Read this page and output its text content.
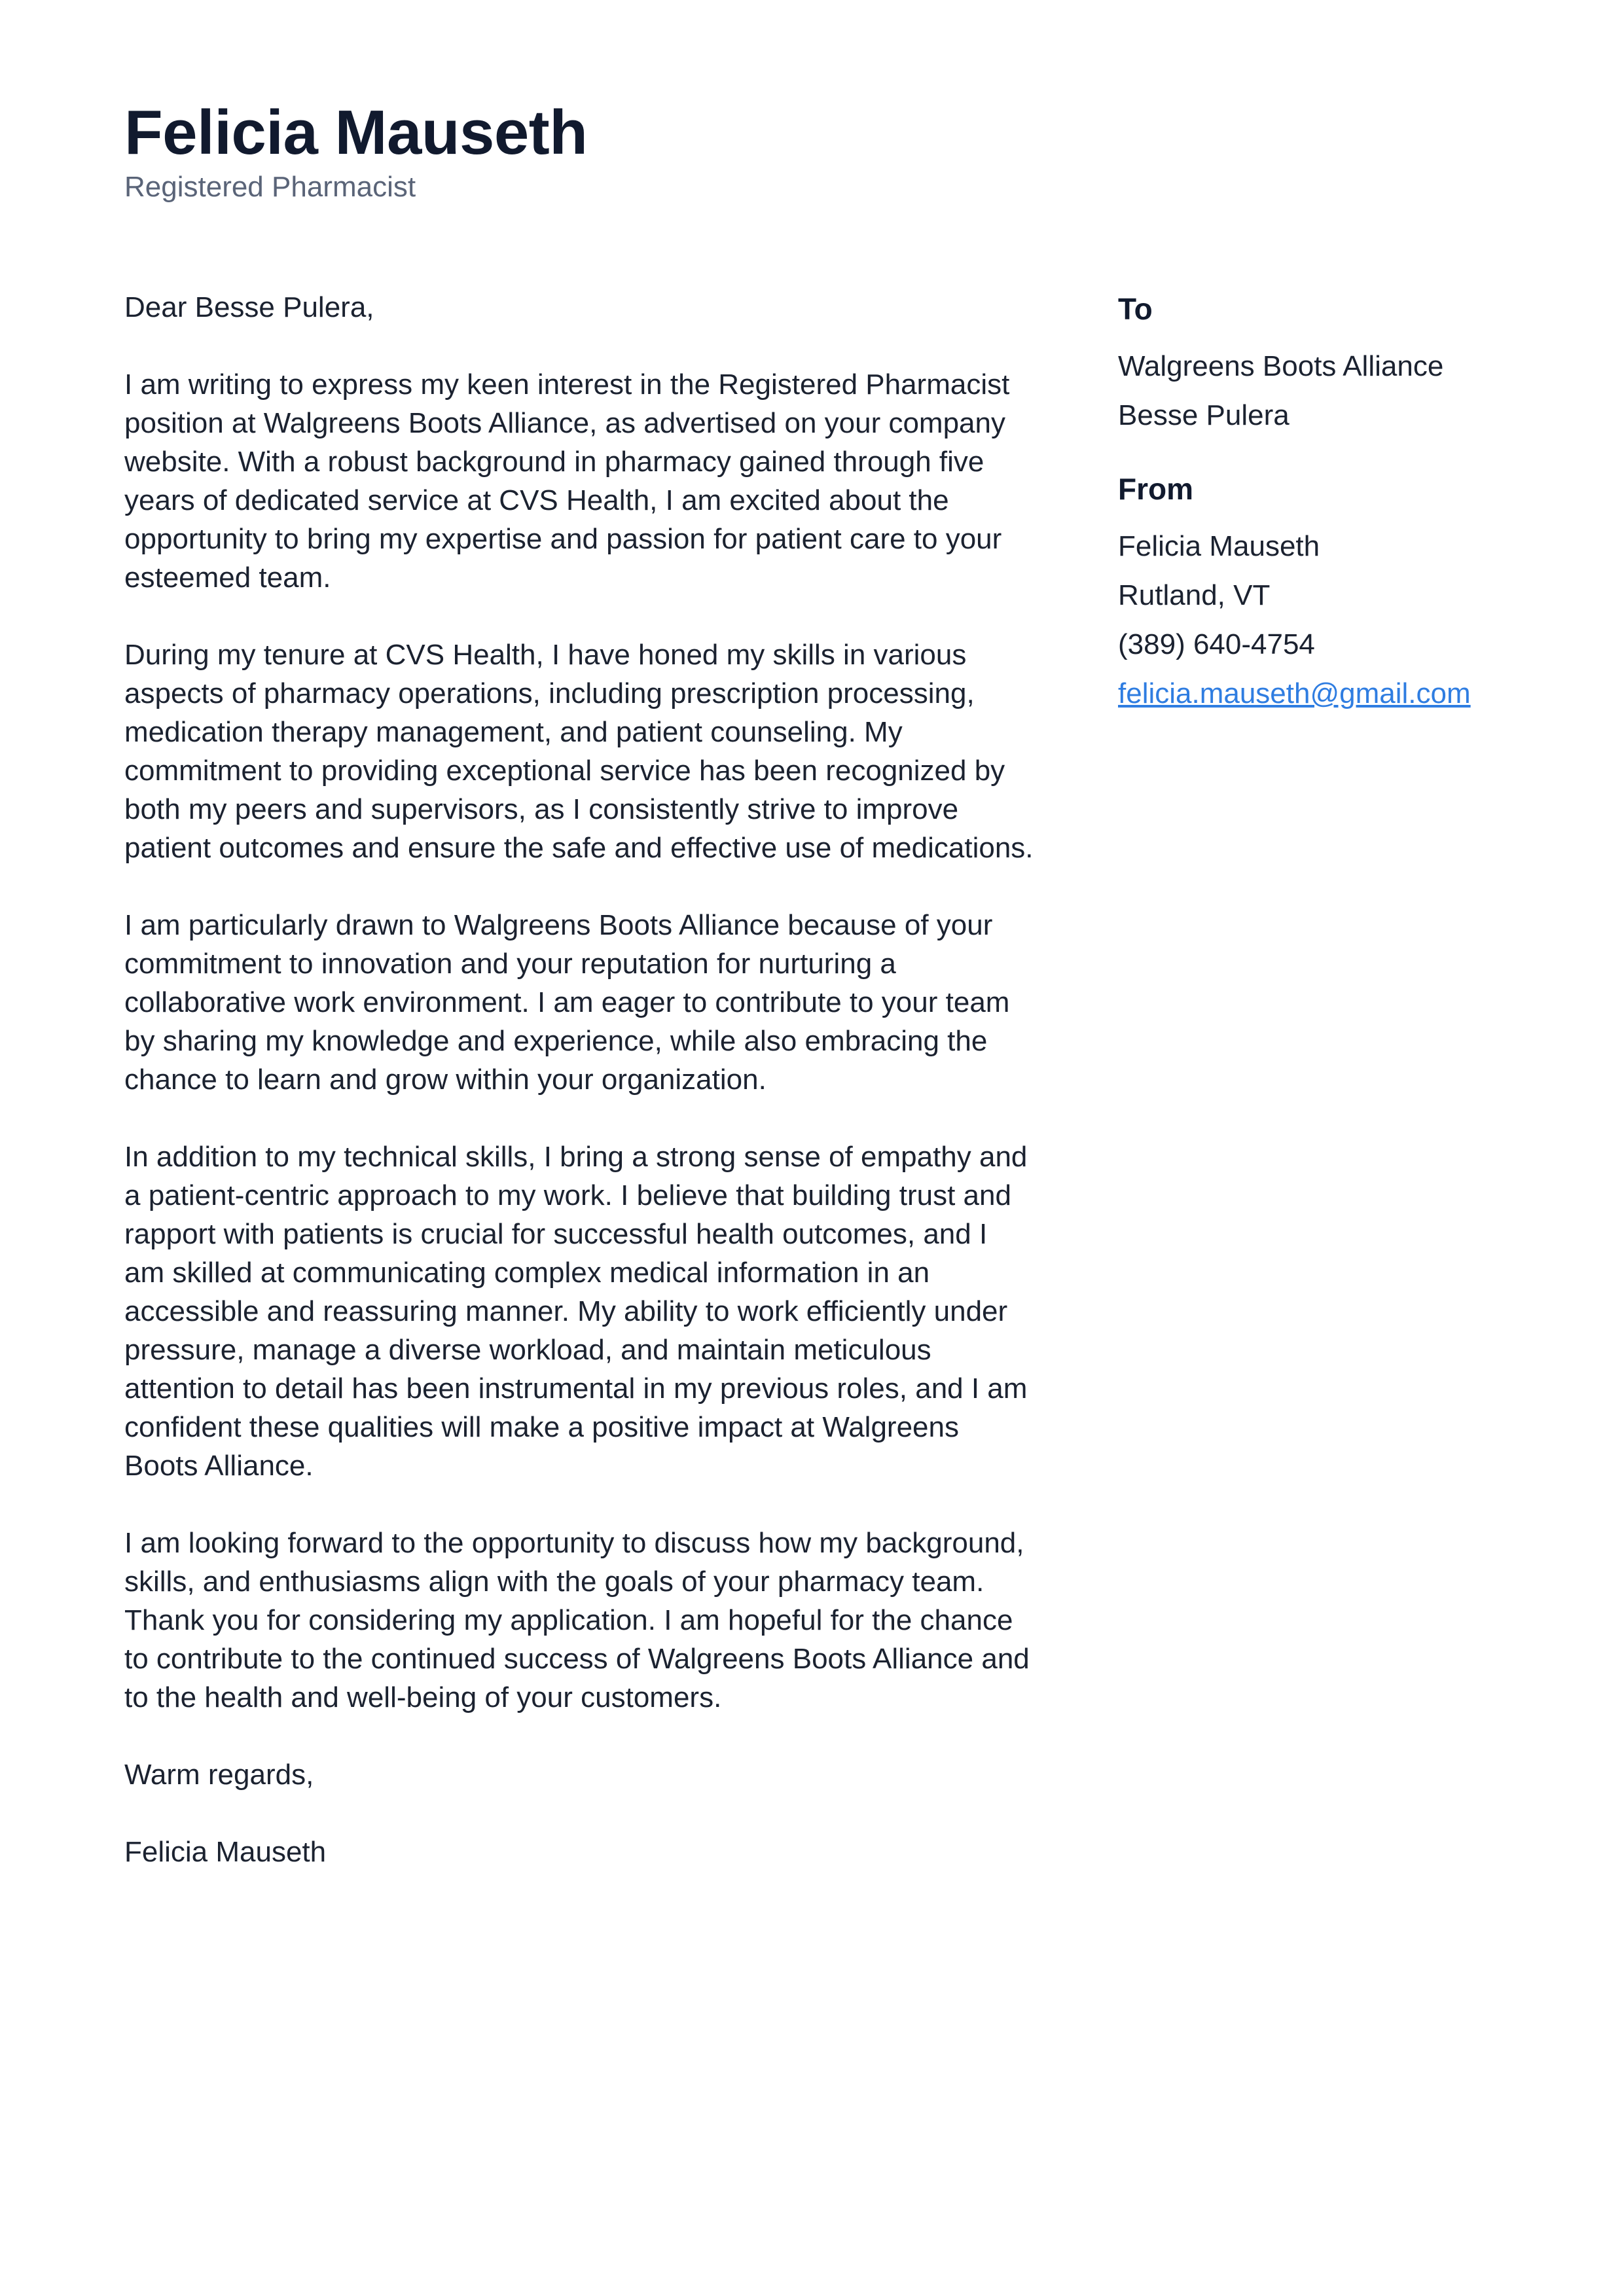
Felicia Mauseth
Registered Pharmacist

Dear Besse Pulera,

I am writing to express my keen interest in the Registered Pharmacist position at Walgreens Boots Alliance, as advertised on your company website. With a robust background in pharmacy gained through five years of dedicated service at CVS Health, I am excited about the opportunity to bring my expertise and passion for patient care to your esteemed team.

During my tenure at CVS Health, I have honed my skills in various aspects of pharmacy operations, including prescription processing, medication therapy management, and patient counseling. My commitment to providing exceptional service has been recognized by both my peers and supervisors, as I consistently strive to improve patient outcomes and ensure the safe and effective use of medications.

I am particularly drawn to Walgreens Boots Alliance because of your commitment to innovation and your reputation for nurturing a collaborative work environment. I am eager to contribute to your team by sharing my knowledge and experience, while also embracing the chance to learn and grow within your organization.

In addition to my technical skills, I bring a strong sense of empathy and a patient-centric approach to my work. I believe that building trust and rapport with patients is crucial for successful health outcomes, and I am skilled at communicating complex medical information in an accessible and reassuring manner. My ability to work efficiently under pressure, manage a diverse workload, and maintain meticulous attention to detail has been instrumental in my previous roles, and I am confident these qualities will make a positive impact at Walgreens Boots Alliance.

I am looking forward to the opportunity to discuss how my background, skills, and enthusiasms align with the goals of your pharmacy team. Thank you for considering my application. I am hopeful for the chance to contribute to the continued success of Walgreens Boots Alliance and to the health and well-being of your customers.

Warm regards,

Felicia Mauseth

To
Walgreens Boots Alliance
Besse Pulera
From
Felicia Mauseth
Rutland, VT
(389) 640-4754
felicia.mauseth@gmail.com
